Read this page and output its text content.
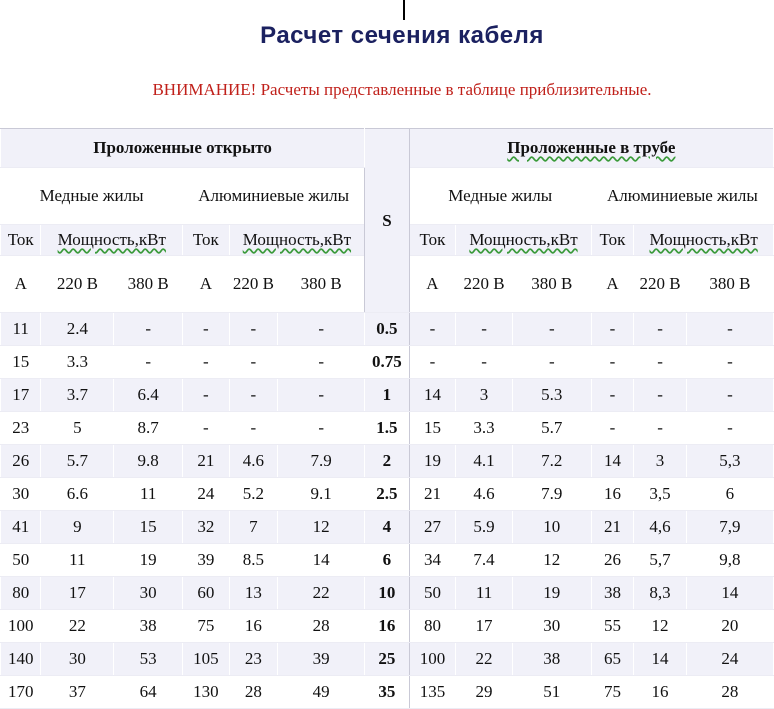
Расчет сечения кабеля
ВНИМАНИЕ! Расчеты представленные в таблице приблизительные.
Проложенные открыто						S	Проложенные в трубе					
Медные жилы			Алюминиевые жилы				Медные жилы			Алюминиевые жилы		
Ток	Мощность,кВт		Ток	Мощность,кВт			Ток	Мощность,кВт		Ток	Мощность,кВт	
А	220 В	380 В	А	220 В	380 В		А	220 В	380 В	А	220 В	380 В
11	2.4	-	-	-	-	0.5	-	-	-	-	-	-
15	3.3	-	-	-	-	0.75	-	-	-	-	-	-
17	3.7	6.4	-	-	-	1	14	3	5.3	-	-	-
23	5	8.7	-	-	-	1.5	15	3.3	5.7	-	-	-
26	5.7	9.8	21	4.6	7.9	2	19	4.1	7.2	14	3	5,3
30	6.6	11	24	5.2	9.1	2.5	21	4.6	7.9	16	3,5	6
41	9	15	32	7	12	4	27	5.9	10	21	4,6	7,9
50	11	19	39	8.5	14	6	34	7.4	12	26	5,7	9,8
80	17	30	60	13	22	10	50	11	19	38	8,3	14
100	22	38	75	16	28	16	80	17	30	55	12	20
140	30	53	105	23	39	25	100	22	38	65	14	24
170	37	64	130	28	49	35	135	29	51	75	16	28
